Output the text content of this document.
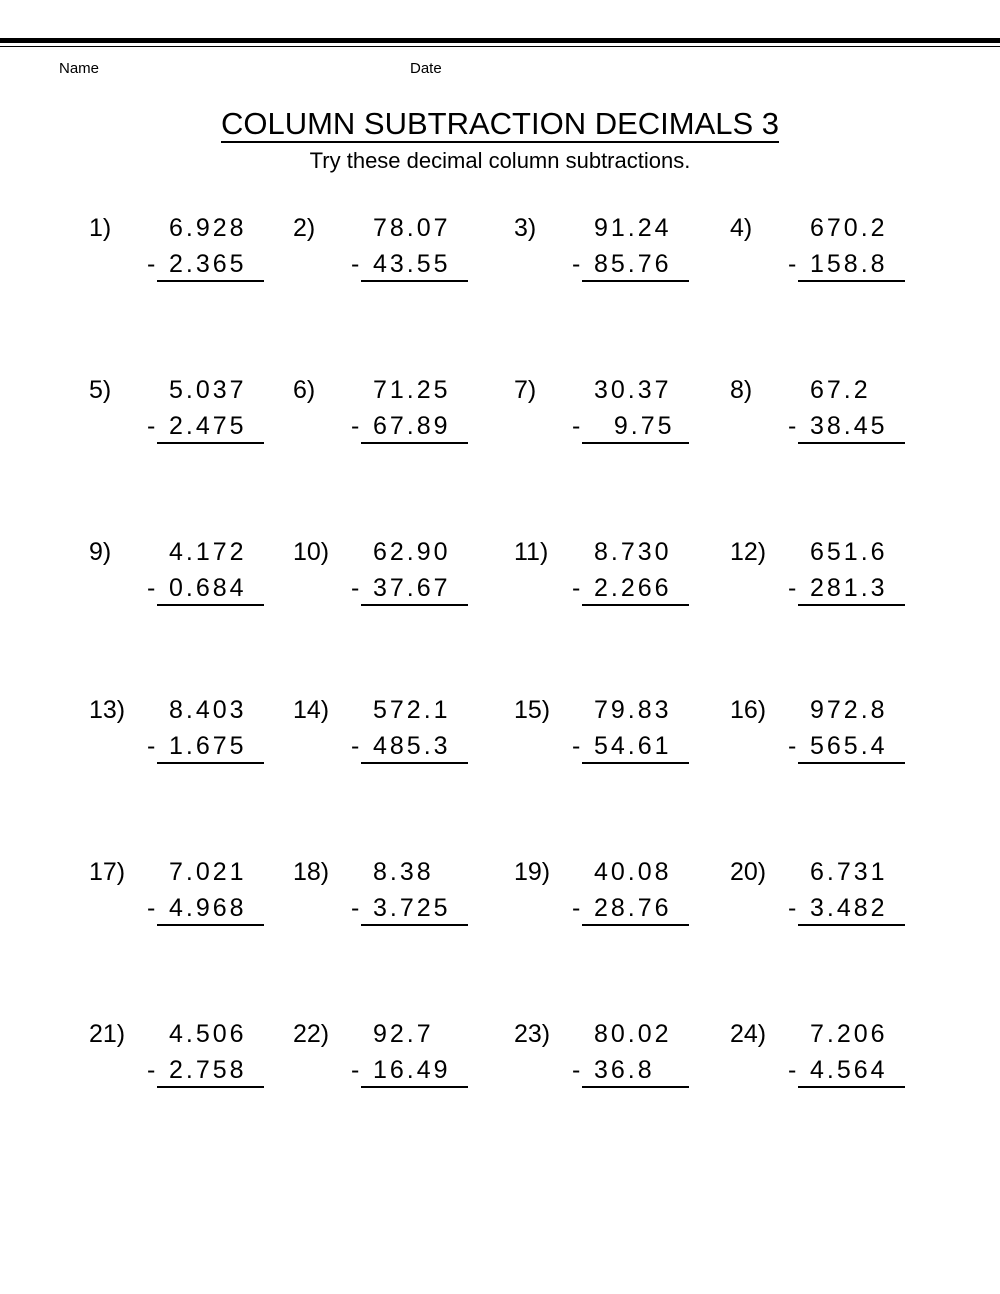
Name	Date
COLUMN SUBTRACTION DECIMALS 3
Try these decimal column subtractions.
1) 6.928
- 2.365
2) 78.07
- 43.55
3) 91.24
- 85.76
4) 670.2
- 158.8
5) 5.037
- 2.475
6) 71.25
- 67.89
7) 30.37
- 9.75
8) 67.2
- 38.45
9) 4.172
- 0.684
10) 62.90
- 37.67
11) 8.730
- 2.266
12) 651.6
- 281.3
13) 8.403
- 1.675
14) 572.1
- 485.3
15) 79.83
- 54.61
16) 972.8
- 565.4
17) 7.021
- 4.968
18) 8.38
- 3.725
19) 40.08
- 28.76
20) 6.731
- 3.482
21) 4.506
- 2.758
22) 92.7
- 16.49
23) 80.02
- 36.8
24) 7.206
- 4.564
